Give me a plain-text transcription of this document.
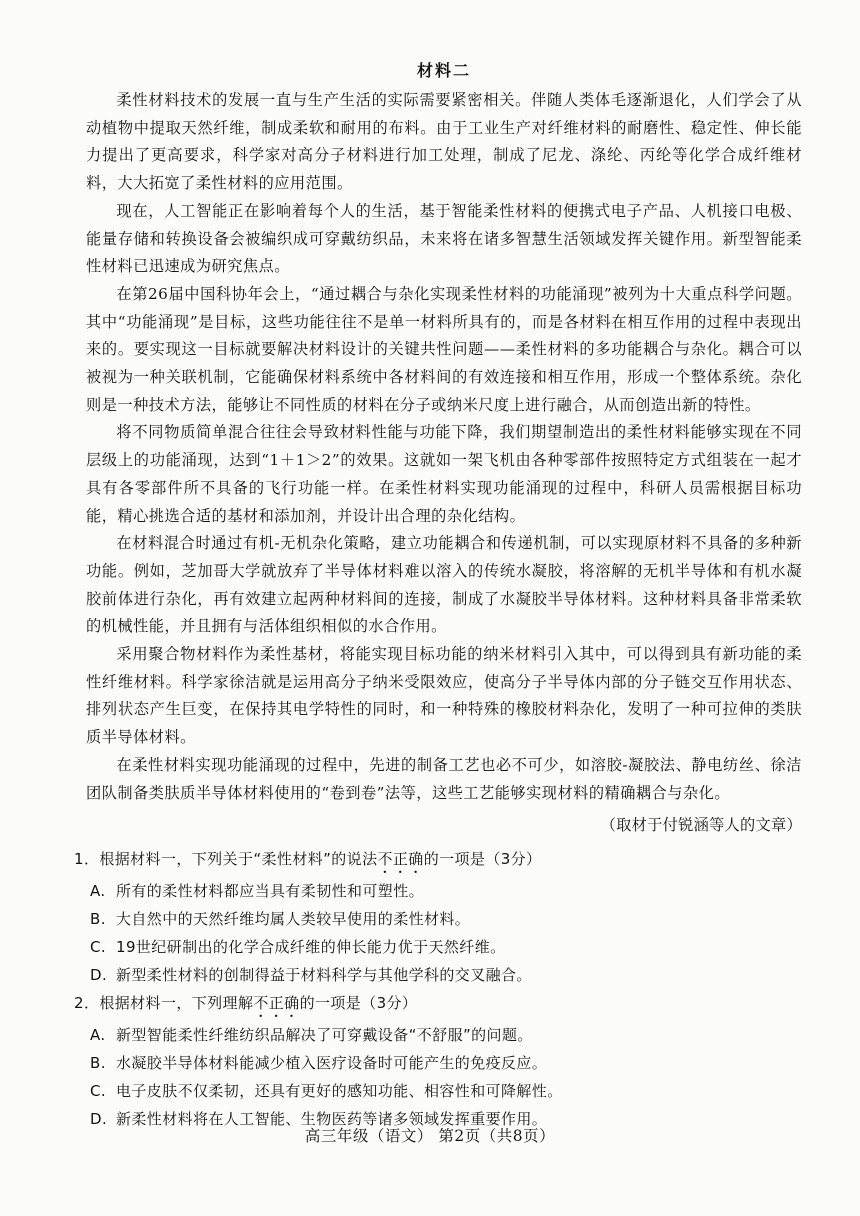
材料二

柔性材料技术的发展一直与生产生活的实际需要紧密相关。伴随人类体毛逐渐退化，人们学会了从动植物中提取天然纤维，制成柔软和耐用的布料。由于工业生产对纤维材料的耐磨性、稳定性、伸长能力提出了更高要求，科学家对高分子材料进行加工处理，制成了尼龙、涤纶、丙纶等化学合成纤维材料，大大拓宽了柔性材料的应用范围。

现在，人工智能正在影响着每个人的生活，基于智能柔性材料的便携式电子产品、人机接口电极、能量存储和转换设备会被编织成可穿戴纺织品，未来将在诸多智慧生活领域发挥关键作用。新型智能柔性材料已迅速成为研究焦点。

在第26届中国科协年会上，“通过耦合与杂化实现柔性材料的功能涌现”被列为十大重点科学问题。其中“功能涌现”是目标，这些功能往往不是单一材料所具有的，而是各材料在相互作用的过程中表现出来的。要实现这一目标就要解决材料设计的关键共性问题——柔性材料的多功能耦合与杂化。耦合可以被视为一种关联机制，它能确保材料系统中各材料间的有效连接和相互作用，形成一个整体系统。杂化则是一种技术方法，能够让不同性质的材料在分子或纳米尺度上进行融合，从而创造出新的特性。

将不同物质简单混合往往会导致材料性能与功能下降，我们期望制造出的柔性材料能够实现在不同层级上的功能涌现，达到“1＋1＞2”的效果。这就如一架飞机由各种零部件按照特定方式组装在一起才具有各零部件所不具备的飞行功能一样。在柔性材料实现功能涌现的过程中，科研人员需根据目标功能，精心挑选合适的基材和添加剂，并设计出合理的杂化结构。

在材料混合时通过有机-无机杂化策略，建立功能耦合和传递机制，可以实现原材料不具备的多种新功能。例如，芝加哥大学就放弃了半导体材料难以溶入的传统水凝胶，将溶解的无机半导体和有机水凝胶前体进行杂化，再有效建立起两种材料间的连接，制成了水凝胶半导体材料。这种材料具备非常柔软的机械性能，并且拥有与活体组织相似的水合作用。

采用聚合物材料作为柔性基材，将能实现目标功能的纳米材料引入其中，可以得到具有新功能的柔性纤维材料。科学家徐洁就是运用高分子纳米受限效应，使高分子半导体内部的分子链交互作用状态、排列状态产生巨变，在保持其电学特性的同时，和一种特殊的橡胶材料杂化，发明了一种可拉伸的类肤质半导体材料。

在柔性材料实现功能涌现的过程中，先进的制备工艺也必不可少，如溶胶-凝胶法、静电纺丝、徐洁团队制备类肤质半导体材料使用的“卷到卷”法等，这些工艺能够实现材料的精确耦合与杂化。

（取材于付锐涵等人的文章）
1．根据材料一，下列关于“柔性材料”的说法不正确的一项是（3分）
A. 所有的柔性材料都应当具有柔韧性和可塑性。
B. 大自然中的天然纤维均属人类较早使用的柔性材料。
C. 19世纪研制出的化学合成纤维的伸长能力优于天然纤维。
D. 新型柔性材料的创制得益于材料科学与其他学科的交叉融合。
2．根据材料一，下列理解不正确的一项是（3分）
A. 新型智能柔性纤维纺织品解决了可穿戴设备“不舒服”的问题。
B. 水凝胶半导体材料能减少植入医疗设备时可能产生的免疫反应。
C. 电子皮肤不仅柔韧，还具有更好的感知功能、相容性和可降解性。
D. 新柔性材料将在人工智能、生物医药等诸多领域发挥重要作用。
高三年级（语文） 第2页（共8页）
